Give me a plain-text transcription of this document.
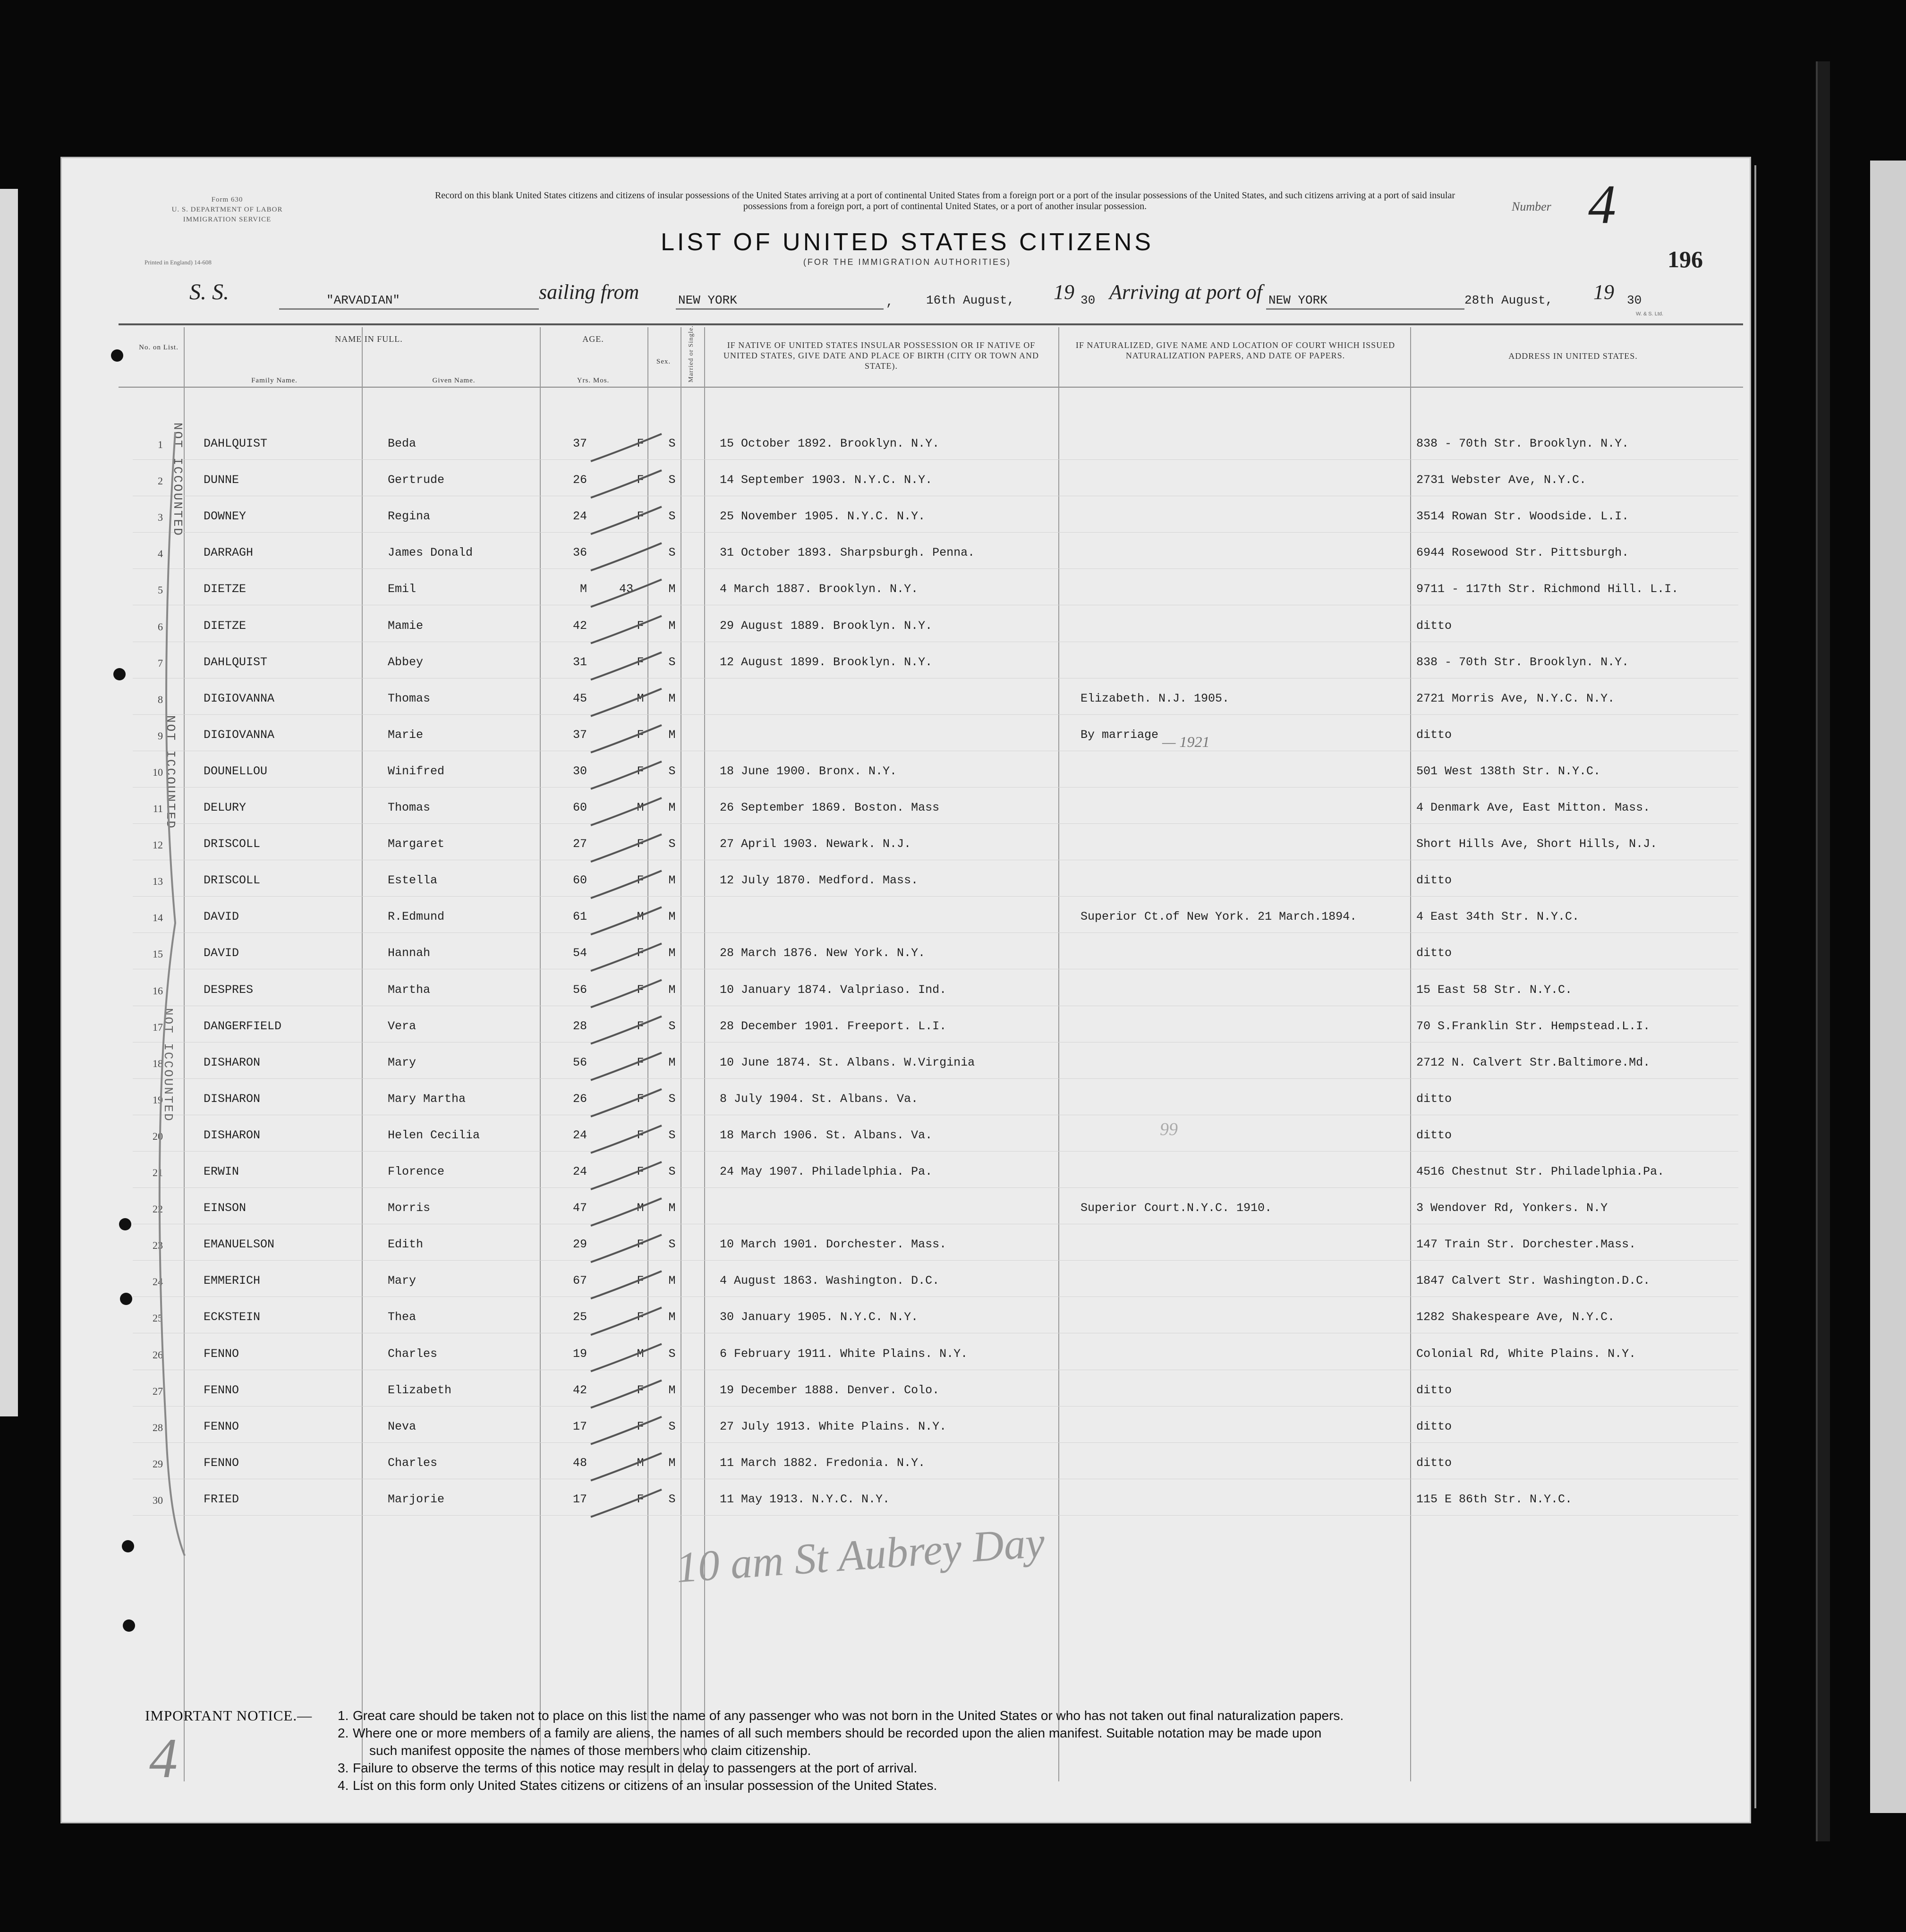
Form 630
U. S. DEPARTMENT OF LABOR
IMMIGRATION SERVICE
Printed in England) 14-608
Record on this blank United States citizens and citizens of insular possessions of the United States arriving at a port of continental United States from a foreign port or a port of the insular possessions of the United States, and such citizens arriving at a port of said insular possessions from a foreign port, a port of continental United States, or a port of another insular possession.
LIST OF UNITED STATES CITIZENS
(FOR THE IMMIGRATION AUTHORITIES)
Number 4
196
S. S.	"ARVADIAN"	sailing from	NEW YORK	,	16th August, 19 30 Arriving at port of NEW YORK	28th August, 19 30
W. & S. Ltd.
No. on List.
NAME IN FULL.
Family Name.	Given Name.
AGE.
Yrs. Mos.
Sex.	Married or Single.	IF NATIVE OF UNITED STATES INSULAR POSSESSION OR IF NATIVE OF UNITED STATES, GIVE DATE AND PLACE OF BIRTH (CITY OR TOWN AND STATE).
IF NATURALIZED, GIVE NAME AND LOCATION OF COURT WHICH ISSUED NATURALIZATION PAPERS, AND DATE OF PAPERS.	ADDRESS IN UNITED STATES.
1	DAHLQUIST	Beda	37	F	S	15 October 1892. Brooklyn. N.Y.	838 - 70th Str. Brooklyn. N.Y.
2	DUNNE	Gertrude	26	F	S	14 September 1903. N.Y.C. N.Y.	2731 Webster Ave, N.Y.C.
3	DOWNEY	Regina	24	F	S	25 November 1905. N.Y.C. N.Y.	3514 Rowan Str. Woodside. L.I.
4	DARRAGH	James Donald	36	S	31 October 1893. Sharpsburgh. Penna.	6944 Rosewood Str. Pittsburgh.
5	DIETZE	Emil	M	43	M	4 March 1887. Brooklyn. N.Y.	9711 - 117th Str. Richmond Hill. L.I.
6	DIETZE	Mamie	42	F	M	29 August 1889. Brooklyn. N.Y.	ditto
7	DAHLQUIST	Abbey	31	F	S	12 August 1899. Brooklyn. N.Y.	838 - 70th Str. Brooklyn. N.Y.
8	DIGIOVANNA	Thomas	45	M	M	Elizabeth. N.J. 1905.	2721 Morris Ave, N.Y.C. N.Y.
9	DIGIOVANNA	Marie	37	F	M	By marriage	ditto
10	DOUNELLOU	Winifred	30	F	S	18 June 1900. Bronx. N.Y.	501 West 138th Str. N.Y.C.
11	DELURY	Thomas	60	M	M	26 September 1869. Boston. Mass	4 Denmark Ave, East Mitton. Mass.
12	DRISCOLL	Margaret	27	F	S	27 April 1903. Newark. N.J.	Short Hills Ave, Short Hills, N.J.
13	DRISCOLL	Estella	60	F	M	12 July 1870. Medford. Mass.	ditto
14	DAVID	R.Edmund	61	M	M	Superior Ct.of New York. 21 March.1894.	4 East 34th Str. N.Y.C.
15	DAVID	Hannah	54	F	M	28 March 1876. New York. N.Y.	ditto
16	DESPRES	Martha	56	F	M	10 January 1874. Valpriaso. Ind.	15 East 58 Str. N.Y.C.
17	DANGERFIELD	Vera	28	F	S	28 December 1901. Freeport. L.I.	70 S.Franklin Str. Hempstead.L.I.
18	DISHARON	Mary	56	F	M	10 June 1874. St. Albans. W.Virginia	2712 N. Calvert Str.Baltimore.Md.
19	DISHARON	Mary Martha	26	F	S	8 July 1904. St. Albans. Va.	ditto
20	DISHARON	Helen Cecilia	24	F	S	18 March 1906. St. Albans. Va.	ditto
21	ERWIN	Florence	24	F	S	24 May 1907. Philadelphia. Pa.	4516 Chestnut Str. Philadelphia.Pa.
22	EINSON	Morris	47	M	M	Superior Court.N.Y.C. 1910.	3 Wendover Rd, Yonkers. N.Y
23	EMANUELSON	Edith	29	F	S	10 March 1901. Dorchester. Mass.	147 Train Str. Dorchester.Mass.
24	EMMERICH	Mary	67	F	M	4 August 1863. Washington. D.C.	1847 Calvert Str. Washington.D.C.
25	ECKSTEIN	Thea	25	F	M	30 January 1905. N.Y.C. N.Y.	1282 Shakespeare Ave, N.Y.C.
26	FENNO	Charles	19	M	S	6 February 1911. White Plains. N.Y.	Colonial Rd, White Plains. N.Y.
27	FENNO	Elizabeth	42	F	M	19 December 1888. Denver. Colo.	ditto
28	FENNO	Neva	17	F	S	27 July 1913. White Plains. N.Y.	ditto
29	FENNO	Charles	48	M	M	11 March 1882. Fredonia. N.Y.	ditto
30	FRIED	Marjorie	17	F	S	11 May 1913. N.Y.C. N.Y.	115 E 86th Str. N.Y.C.
NOT ICCOUNTED
NOT ICCOUNTED
NOT ICCOUNTED
— 1921
99
10 am St Aubrey Day
4
IMPORTANT NOTICE.— 1. Great care should be taken not to place on this list the name of any passenger who was not born in the United States or who has not taken out final naturalization papers.
2. Where one or more members of a family are aliens, the names of all such members should be recorded upon the alien manifest. Suitable notation may be made upon
such manifest opposite the names of those members who claim citizenship.
3. Failure to observe the terms of this notice may result in delay to passengers at the port of arrival.
4. List on this form only United States citizens or citizens of an insular possession of the United States.
